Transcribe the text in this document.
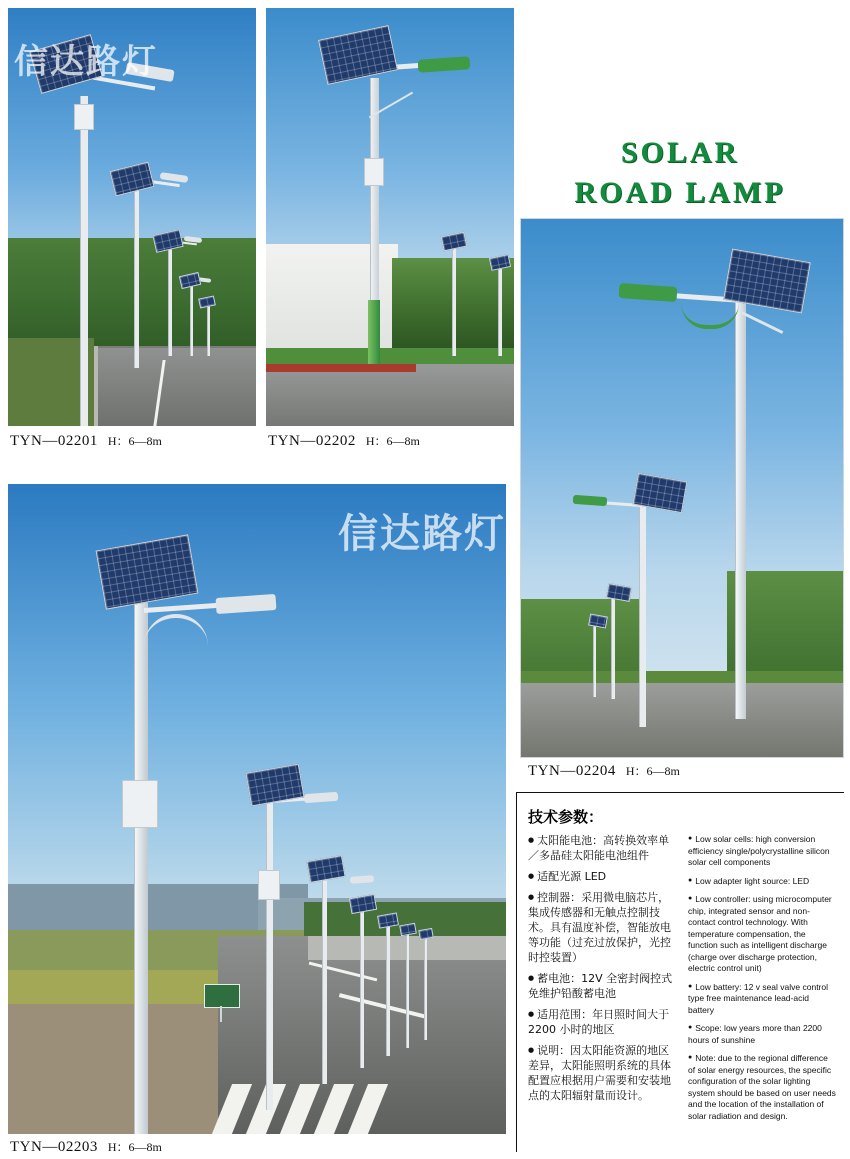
信达路灯
TYN—02201 H：6—8m	TYN—02202 H：6—8m
SOLAR
ROAD LAMP
TYN—02204 H：6—8m
信达路灯
TYN—02203 H：6—8m
技术参数：

● 太阳能电池：高转换效率单／多晶硅太阳能电池组件

● 适配光源 LED

● 控制器：采用微电脑芯片，集成传感器和无触点控制技术。具有温度补偿，智能放电等功能（过充过放保护，光控时控装置）

● 蓄电池：12V 全密封阀控式免维护铅酸蓄电池

● 适用范围：年日照时间大于 2200 小时的地区

● 说明：因太阳能资源的地区差异，太阳能照明系统的具体配置应根据用户需要和安装地点的太阳辐射量而设计。

● Low solar cells: high conversion efficiency single/polycrystalline silicon solar cell components

● Low adapter light source: LED

● Low controller: using microcomputer chip, integrated sensor and non-contact control technology. With temperature compensation, the function such as intelligent discharge (charge over discharge protection, electric control unit)

● Low battery: 12 v seal valve control type free maintenance lead-acid battery

● Scope: low years more than 2200 hours of sunshine

● Note: due to the regional difference of solar energy resources, the specific configuration of the solar lighting system should be based on user needs and the location of the installation of solar radiation and design.
